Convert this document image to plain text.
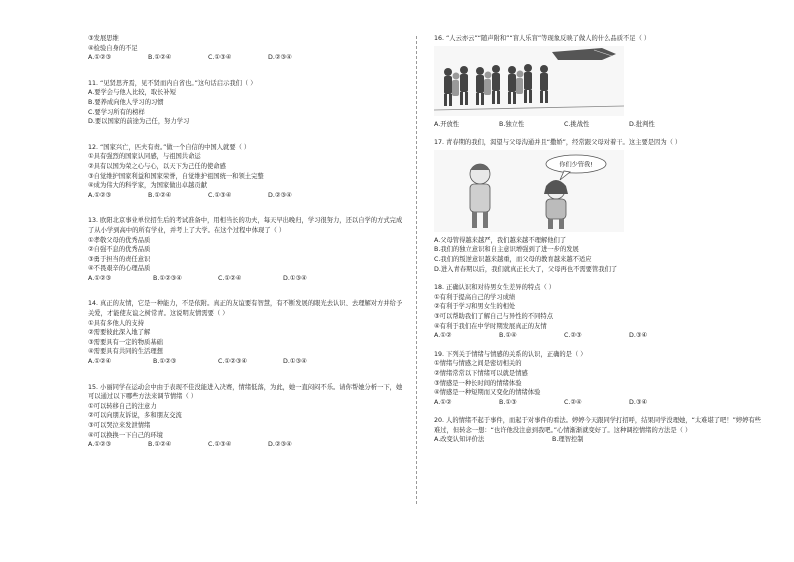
③发展思维
④检验自身的不足
A.①②③	B.①②④	C.①③④	D.②③④
11. “见贤思齐焉，见不贤而内自省也。”这句话启示我们（ ）
A.要学会与他人比较，取长补短
B.要养成向他人学习的习惯
C.要学习所有的榜样
D.要以国家的前途为己任，努力学习
12. “国家兴亡，匹夫有责。”做一个自信的中国人就要（ ）
①具有强烈的国家认同感，与祖国共命运
②具有以国为荣之心与心，以天下为己任的使命感
③自觉维护国家利益和国家荣誉，自觉维护祖国统一和领土完整
④成为伟大的科学家，为国家做出卓越贡献
A.①②③	B.①②④	C.①③④	D.②③④
13. 欧阳北京事业单位招生后的考试准备中，用相当长的功夫，每天早出晚归，学习很努力，还以自学的方式完成了从小学到高中的所有学业，并考上了大学。在这个过程中体现了（ ）
①孝敬父母的优秀品质
②自强不息的优秀品质
③勇于担当的责任意识
④不畏艰辛的心理品质
A.①②③	B.①②③④	C.①②④	D.①③④
14. 真正的友情，它是一种能力，不是依附。真正的友谊要有智慧，有不断发展的眼光去认识、去理解对方并给予关爱，才能使友谊之树常青。这说明友情需要（ ）
①具有多他人的支持
②需要彼此深入地了解
③需要具有一定的物质基础
④需要具有共同的生活理想
A.①②④	B.①②③	C.①②③④	D.①③④
15. 小丽同学在运动会中由于表现不佳没能进入决赛，情绪低落，为此，她一直闷闷不乐。请你帮她分析一下，她可以通过以下哪些方法来调节情绪（ ）
①可以转移自己的注意力
②可以向朋友诉说，多和朋友交流
③可以哭泣来发泄情绪
④可以换换一下自己的环境
A.①②③	B.①②④	C.①③④	D.②③④
16. “人云亦云”“随声附和”“盲人乐盲”等现象反映了做人的什么品质不足（ ）
A.开放性	B.独立性	C.挑战性	D.批判性
17. 青春期的我们，渴望与父母沟通并且“撒娇”，经常跟父母对着干。这主要是因为（ ）
你们少管我!
A.父母管得越来越严，我们越来越不理解他们了
B.我们的独立意识和自主意识增强到了进一步的发展
C.我们的叛逆意识越来越重，而父母的教育越来越不适应
D.进入青春期以后，我们就真正长大了，父母再也不需要管我们了
18. 正确认识和对待男女生差异的特点（ ）
①有利于提高自己的学习成绩
②有利于学习和男女生的相处
③可以帮助我们了解自己与异性的不同特点
④有利于我们在中学时期发展真正的友情
A.①②	B.①④	C.②③	D.③④
19. 下列关于情绪与情感的关系的认识，正确的是（ ）
①情绪与情感之间是密切相关的
②情绪常常以下情绪可以就是情感
③情感是一种长时间的情绪体验
④情感是一种短期而又变化的情绪体验
A.①②	B.①③	C.②④	D.③④
20. 人的情绪不起于事件，而起于对事件的看法。婷婷今天跟同学打招呼，结果同学没理她，“太难堪了吧！”婷婷有些难过，但转念一想：“也许他没注意到我吧。”心情渐渐就变好了。这种调控情绪的方法是（ ）
A.改变认知评价法	B.理智控制
